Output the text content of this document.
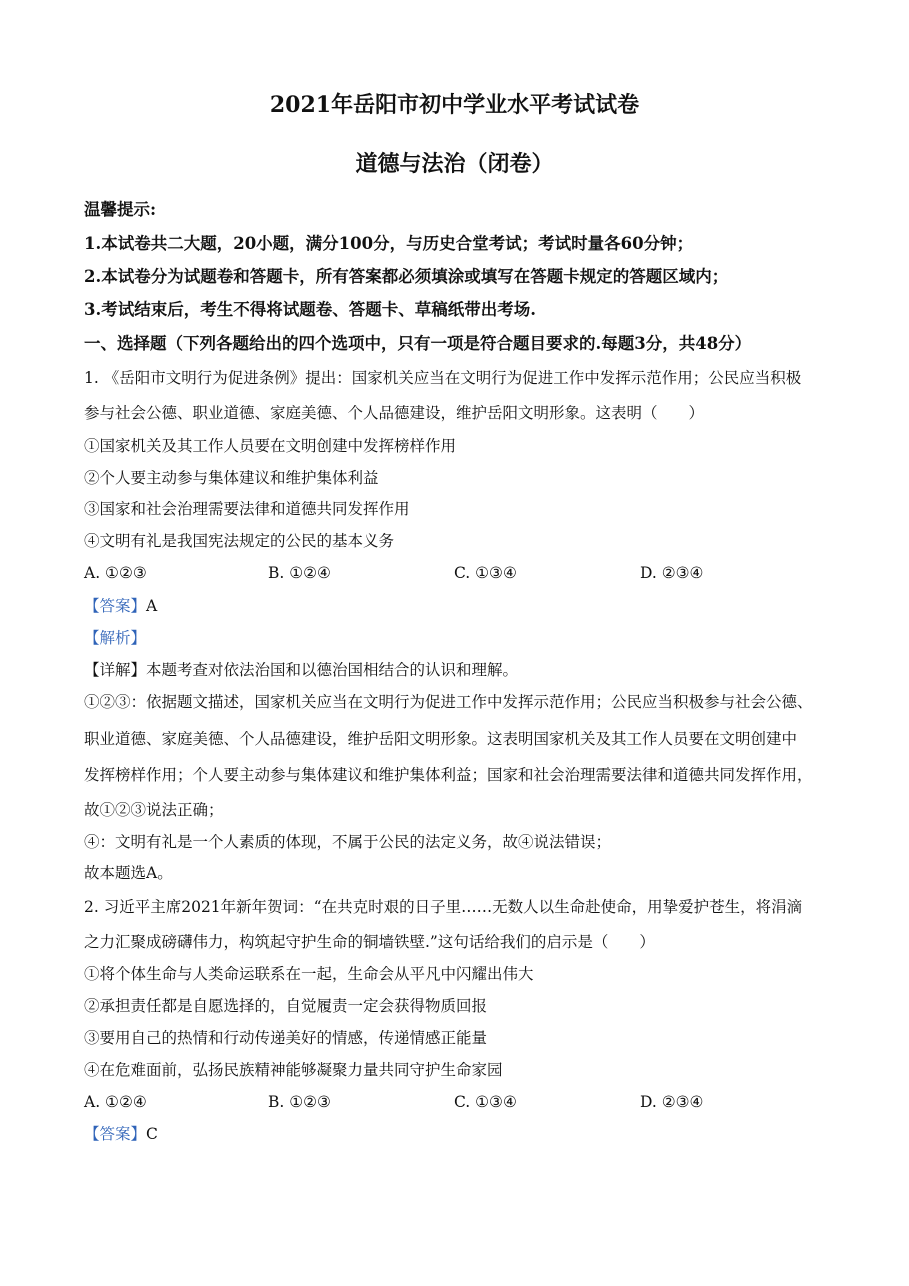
2021年岳阳市初中学业水平考试试卷
道德与法治（闭卷）
温馨提示:
1.本试卷共二大题，20小题，满分100分，与历史合堂考试；考试时量各60分钟；
2.本试卷分为试题卷和答题卡，所有答案都必须填涂或填写在答题卡规定的答题区域内；
3.考试结束后，考生不得将试题卷、答题卡、草稿纸带出考场.
一、选择题（下列各题给出的四个选项中，只有一项是符合题目要求的.每题3分，共48分）
1. 《岳阳市文明行为促进条例》提出：国家机关应当在文明行为促进工作中发挥示范作用；公民应当积极
参与社会公德、职业道德、家庭美德、个人品德建设，维护岳阳文明形象。这表明（　　）
①国家机关及其工作人员要在文明创建中发挥榜样作用
②个人要主动参与集体建议和维护集体利益
③国家和社会治理需要法律和道德共同发挥作用
④文明有礼是我国宪法规定的公民的基本义务
A. ①②③	B. ①②④	C. ①③④	D. ②③④
【答案】A
【解析】
【详解】本题考查对依法治国和以德治国相结合的认识和理解。
①②③：依据题文描述，国家机关应当在文明行为促进工作中发挥示范作用；公民应当积极参与社会公德、
职业道德、家庭美德、个人品德建设，维护岳阳文明形象。这表明国家机关及其工作人员要在文明创建中
发挥榜样作用；个人要主动参与集体建议和维护集体利益；国家和社会治理需要法律和道德共同发挥作用，
故①②③说法正确；
④：文明有礼是一个人素质的体现，不属于公民的法定义务，故④说法错误；
故本题选A。
2. 习近平主席2021年新年贺词：“在共克时艰的日子里……无数人以生命赴使命，用挚爱护苍生，将涓滴
之力汇聚成磅礴伟力，构筑起守护生命的铜墙铁壁.”这句话给我们的启示是（　　）
①将个体生命与人类命运联系在一起，生命会从平凡中闪耀出伟大
②承担责任都是自愿选择的，自觉履责一定会获得物质回报
③要用自己的热情和行动传递美好的情感，传递情感正能量
④在危难面前，弘扬民族精神能够凝聚力量共同守护生命家园
A. ①②④	B. ①②③	C. ①③④	D. ②③④
【答案】C
